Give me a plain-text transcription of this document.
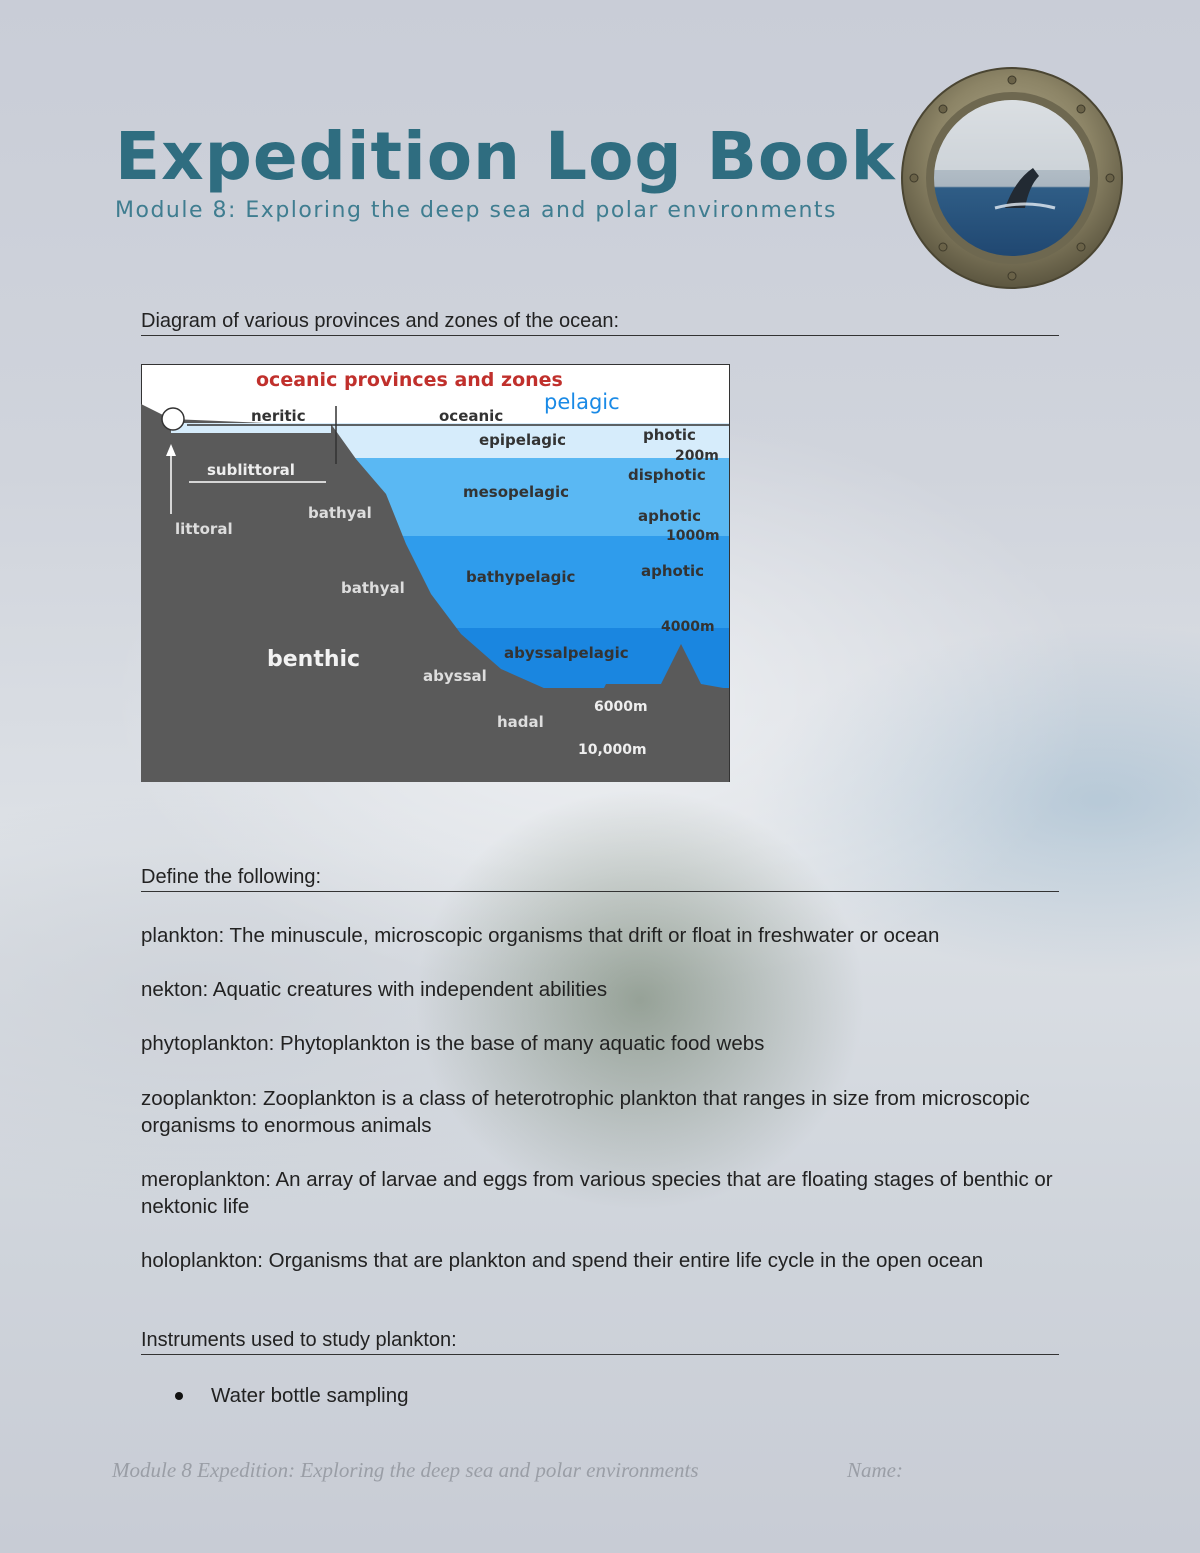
Expedition Log Book
Module 8: Exploring the deep sea and polar environments
Diagram of various provinces and zones of the ocean:
oceanic provinces and zones
pelagic
neritic	oceanic
epipelagic
mesopelagic
bathypelagic
abyssalpelagic
photic
200m
disphotic
aphotic
1000m
aphotic
4000m
6000m
10,000m
sublittoral
littoral
bathyal
bathyal
benthic
abyssal
hadal
Define the following:
plankton: The minuscule, microscopic organisms that drift or float in freshwater or ocean
nekton: Aquatic creatures with independent abilities
phytoplankton: Phytoplankton is the base of many aquatic food webs
zooplankton: Zooplankton is a class of heterotrophic plankton that ranges in size from microscopic organisms to enormous animals
meroplankton: An array of larvae and eggs from various species that are floating stages of benthic or nektonic life
holoplankton: Organisms that are plankton and spend their entire life cycle in the open ocean
Instruments used to study plankton:
Water bottle sampling
Module 8 Expedition: Exploring the deep sea and polar environments	Name:
